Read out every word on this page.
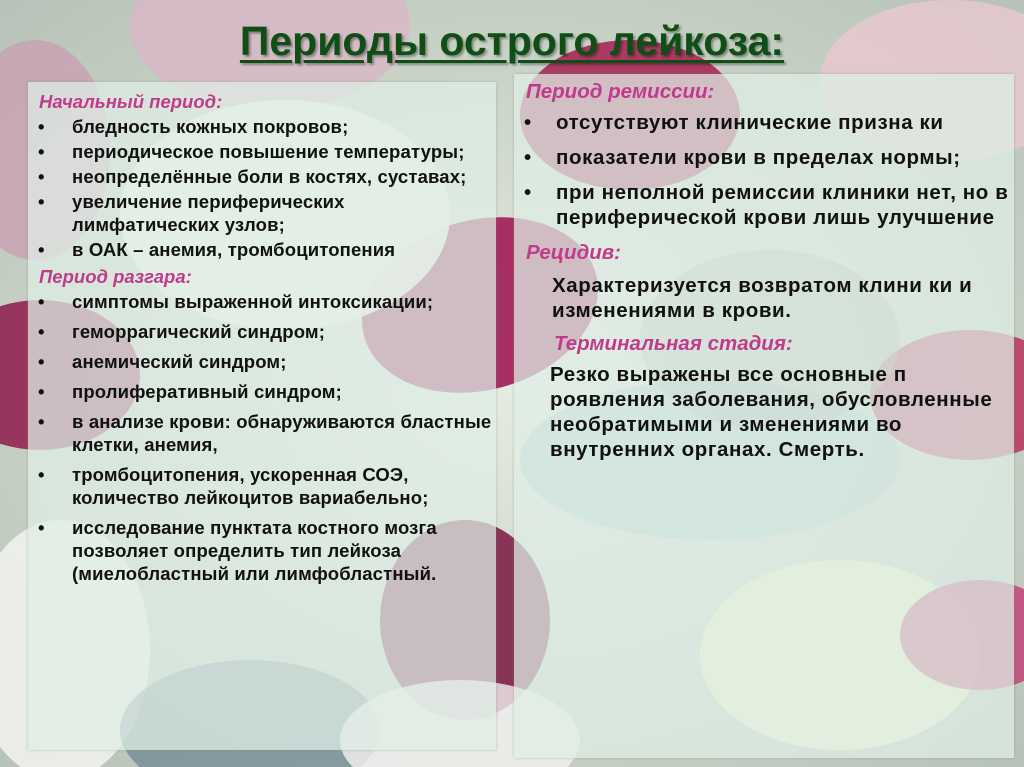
Периоды острого лейкоза:
Начальный период:
• бледность кожных покровов;
• периодическое повышение температуры;
• неопределённые боли в костях, суставах;
• увеличение периферических лимфатических узлов;
• в ОАК – анемия, тромбоцитопения
Период разгара:
• симптомы выраженной интоксикации;
• геморрагический синдром;
• анемический синдром;
• пролиферативный синдром;
• в анализе крови: обнаруживаются бластные клетки, анемия,
• тромбоцитопения, ускоренная СОЭ, количество лейкоцитов вариабельно;
• исследование пунктата костного мозга позволяет определить тип лейкоза (миелобластный или лимфобластный.
Период ремиссии:
• отсутствуют клинические призна ки
• показатели крови в пределах нормы;
• при неполной ремиссии клиники нет, но в периферической крови лишь улучшение
Рецидив:
Характеризуется возвратом клини ки и изменениями в крови.
Терминальная стадия:
Резко выражены все основные п роявления заболевания, обусловленные необратимыми и зменениями во внутренних органах. Смерть.
